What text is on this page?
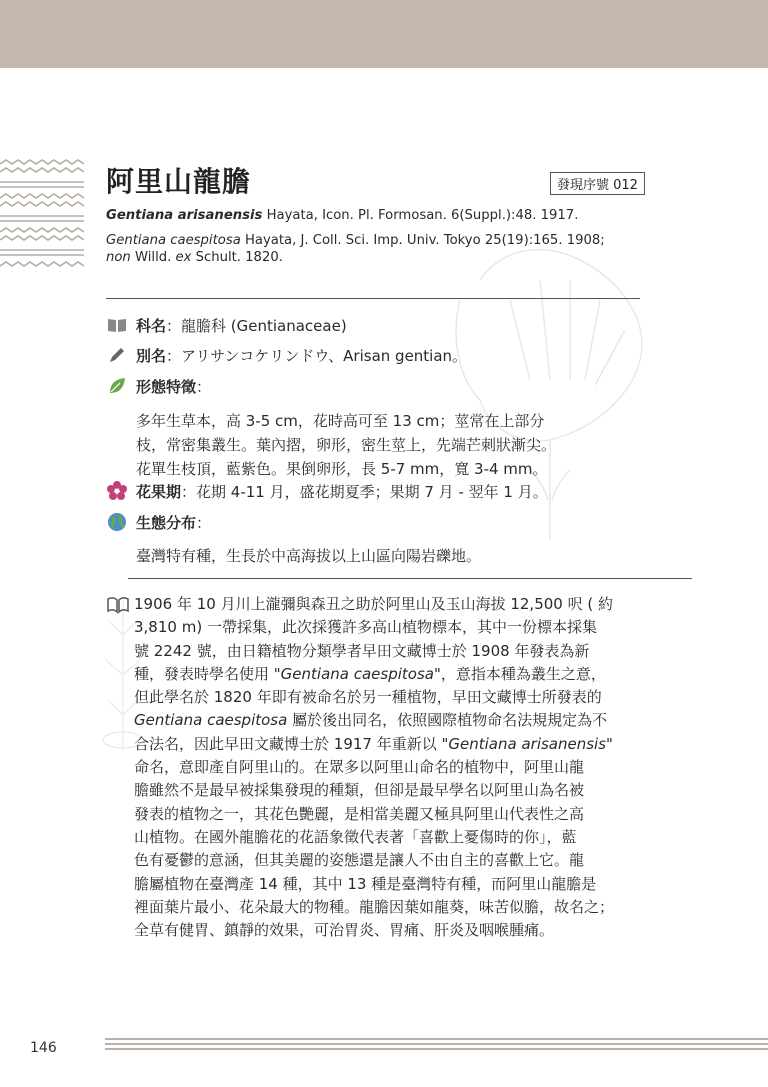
阿里山龍膽	發現序號 012
Gentiana arisanensis Hayata, Icon. Pl. Formosan. 6(Suppl.):48. 1917.
Gentiana caespitosa Hayata, J. Coll. Sci. Imp. Univ. Tokyo 25(19):165. 1908;
non Willd. ex Schult. 1820.
科名 ：龍膽科 (Gentianaceae)
別名 ：アリサンコケリンドウ、Arisan gentian。
形態特徵 ：
多年生草本，高 3-5 cm，花時高可至 13 cm；莖常在上部分
枝，常密集叢生。葉內摺，卵形，密生莖上，先端芒刺狀漸尖。
花單生枝頂，藍紫色。果倒卵形，長 5-7 mm，寬 3-4 mm。
花果期 ：花期 4-11 月，盛花期夏季；果期 7 月 - 翌年 1 月。
生態分布 ：
臺灣特有種，生長於中高海拔以上山區向陽岩礫地。

1906 年 10 月川上瀧彌與森丑之助於阿里山及玉山海拔 12,500 呎 ( 約

3,810 m) 一帶採集，此次採獲許多高山植物標本，其中一份標本採集

號 2242 號，由日籍植物分類學者早田文藏博士於 1908 年發表為新

種，發表時學名使用 "Gentiana caespitosa"，意指本種為叢生之意，

但此學名於 1820 年即有被命名於另一種植物，早田文藏博士所發表的

Gentiana caespitosa 屬於後出同名，依照國際植物命名法規規定為不

合法名，因此早田文藏博士於 1917 年重新以 "Gentiana arisanensis"

命名，意即產自阿里山的。在眾多以阿里山命名的植物中，阿里山龍

膽雖然不是最早被採集發現的種類，但卻是最早學名以阿里山為名被

發表的植物之一，其花色艷麗，是相當美麗又極具阿里山代表性之高

山植物。在國外龍膽花的花語象徵代表著「喜歡上憂傷時的你」，藍

色有憂鬱的意涵，但其美麗的姿態還是讓人不由自主的喜歡上它。龍

膽屬植物在臺灣產 14 種，其中 13 種是臺灣特有種，而阿里山龍膽是

裡面葉片最小、花朵最大的物種。龍膽因葉如龍葵，味苦似膽，故名之；

全草有健胃、鎮靜的效果，可治胃炎、胃痛、肝炎及咽喉腫痛。

146
